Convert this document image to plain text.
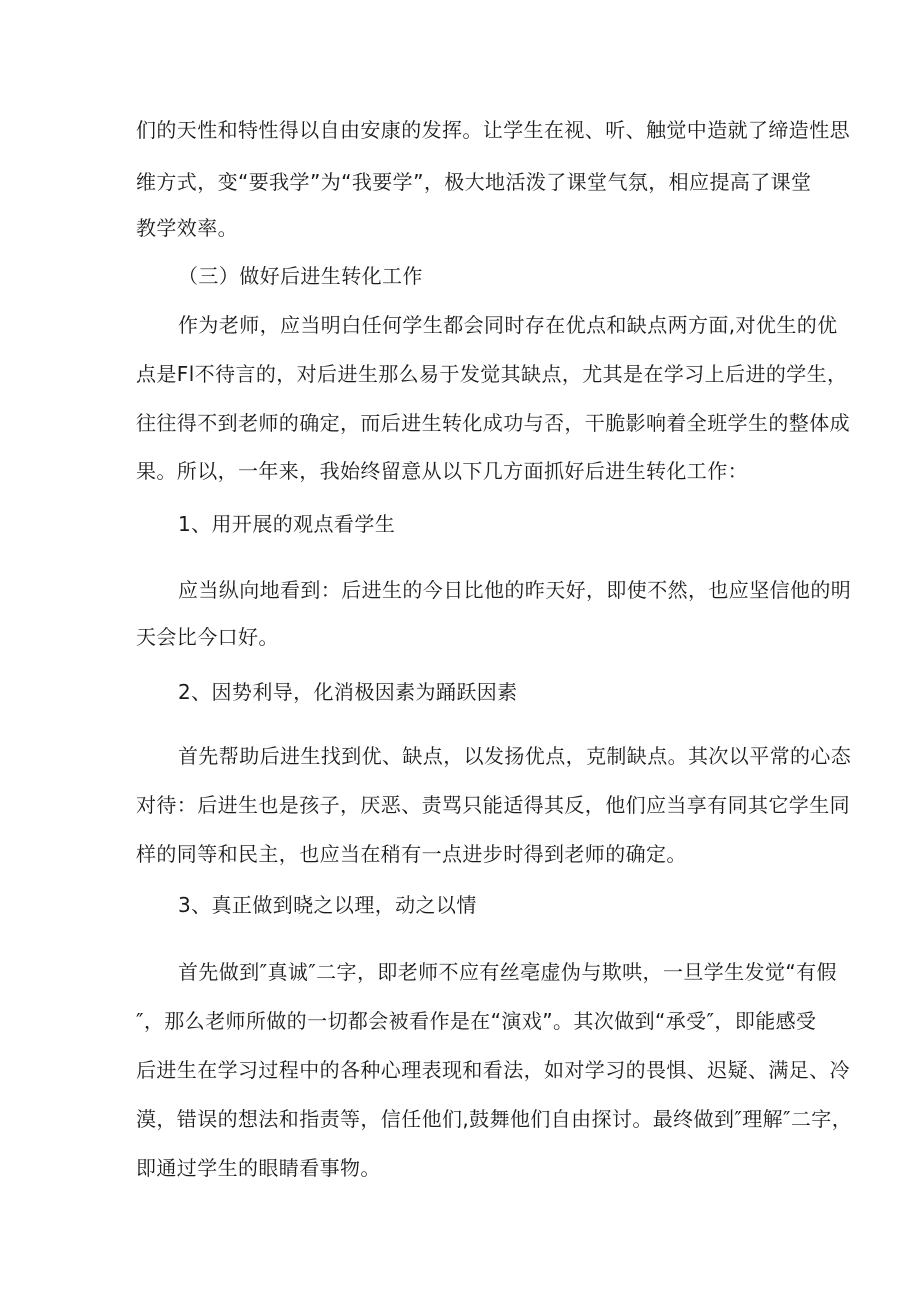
们的天性和特性得以自由安康的发挥。让学生在视、听、触觉中造就了缔造性思
维方式，变“要我学”为“我要学”，极大地活泼了课堂气氛，相应提高了课堂
教学效率。
（三）做好后进生转化工作
作为老师，应当明白任何学生都会同时存在优点和缺点两方面,对优生的优
点是Fl不待言的，对后进生那么易于发觉其缺点，尤其是在学习上后进的学生，
往往得不到老师的确定，而后进生转化成功与否，干脆影响着全班学生的整体成
果。所以，一年来，我始终留意从以下几方面抓好后进生转化工作：
1、用开展的观点看学生
应当纵向地看到：后进生的今日比他的昨天好，即使不然，也应坚信他的明
天会比今口好。
2、因势利导，化消极因素为踊跃因素
首先帮助后进生找到优、缺点，以发扬优点，克制缺点。其次以平常的心态
对待：后进生也是孩子，厌恶、责骂只能适得其反，他们应当享有同其它学生同
样的同等和民主，也应当在稍有一点进步时得到老师的确定。
3、真正做到晓之以理，动之以情
首先做到″真诚″二字，即老师不应有丝亳虚伪与欺哄，一旦学生发觉“有假
″，那么老师所做的一切都会被看作是在“演戏”。其次做到“承受″，即能感受
后进生在学习过程中的各种心理表现和看法，如对学习的畏惧、迟疑、满足、冷
漠，错误的想法和指责等，信任他们,鼓舞他们自由探讨。最终做到″理解″二字，
即通过学生的眼睛看事物。
